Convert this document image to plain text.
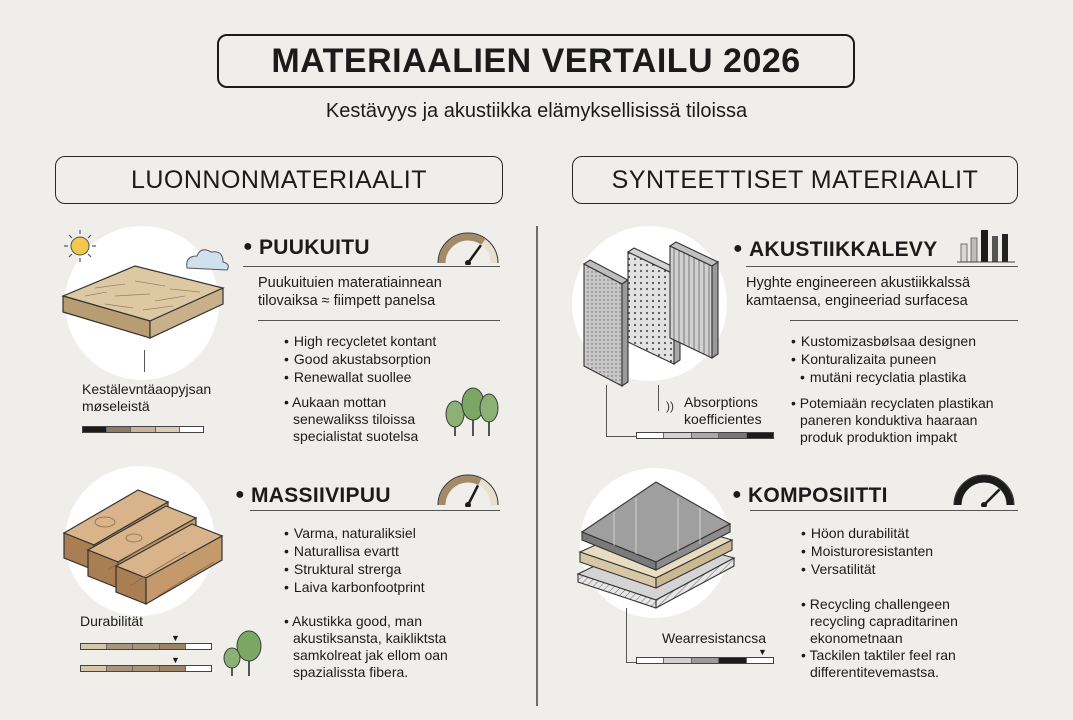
MATERIAALIEN VERTAILU 2026
Kestävyys ja akustiikka elämyksellisissä tiloissa
LUONNONMATERIAALIT	SYNTEETTISET MATERIAALIT
Kestälevntäaopyjsan
møseleistä
● PUUKUITU
Puukuituien materatiainnean
tilovaiksa ≈ fiimpett panelsa
• High recycletet kontant
• Good akustabsorption
• Renewallat suollee
• Aukaan mottan
senewalikss tiloissa
specialistat suotelsa
Durabilität
▼
▼
● MASSIIVIPUU
• Varma, naturaliksiel
• Naturallisa evartt
• Struktural strerga
• Laiva karbonfootprint
• Akustikka good, man
akustiksansta, kaikliktsta
samkolreat jak ellom oan
spazialissta fibera.
)) Absorptions
koefficientes
● AKUSTIIKKALEVY
Hyghte engineereen akustiikkalssä
kamtaensa, engineeriad surfacesa
• Kustomizasbølsaa designen
• Konturalizaita puneen
• mutäni recyclatia plastika
• Potemiaän recyclaten plastikan
paneren konduktiva haaraan
produk produktion impakt
Wearresistancsa
▼
● KOMPOSIITTI
• Höon durabilität
• Moisturoresistanten
• Versatilität
• Recycling challengeen
recycling capraditarinen
ekonometnaan
• Tackilen taktiler feel ran
differentitevemastsa.
